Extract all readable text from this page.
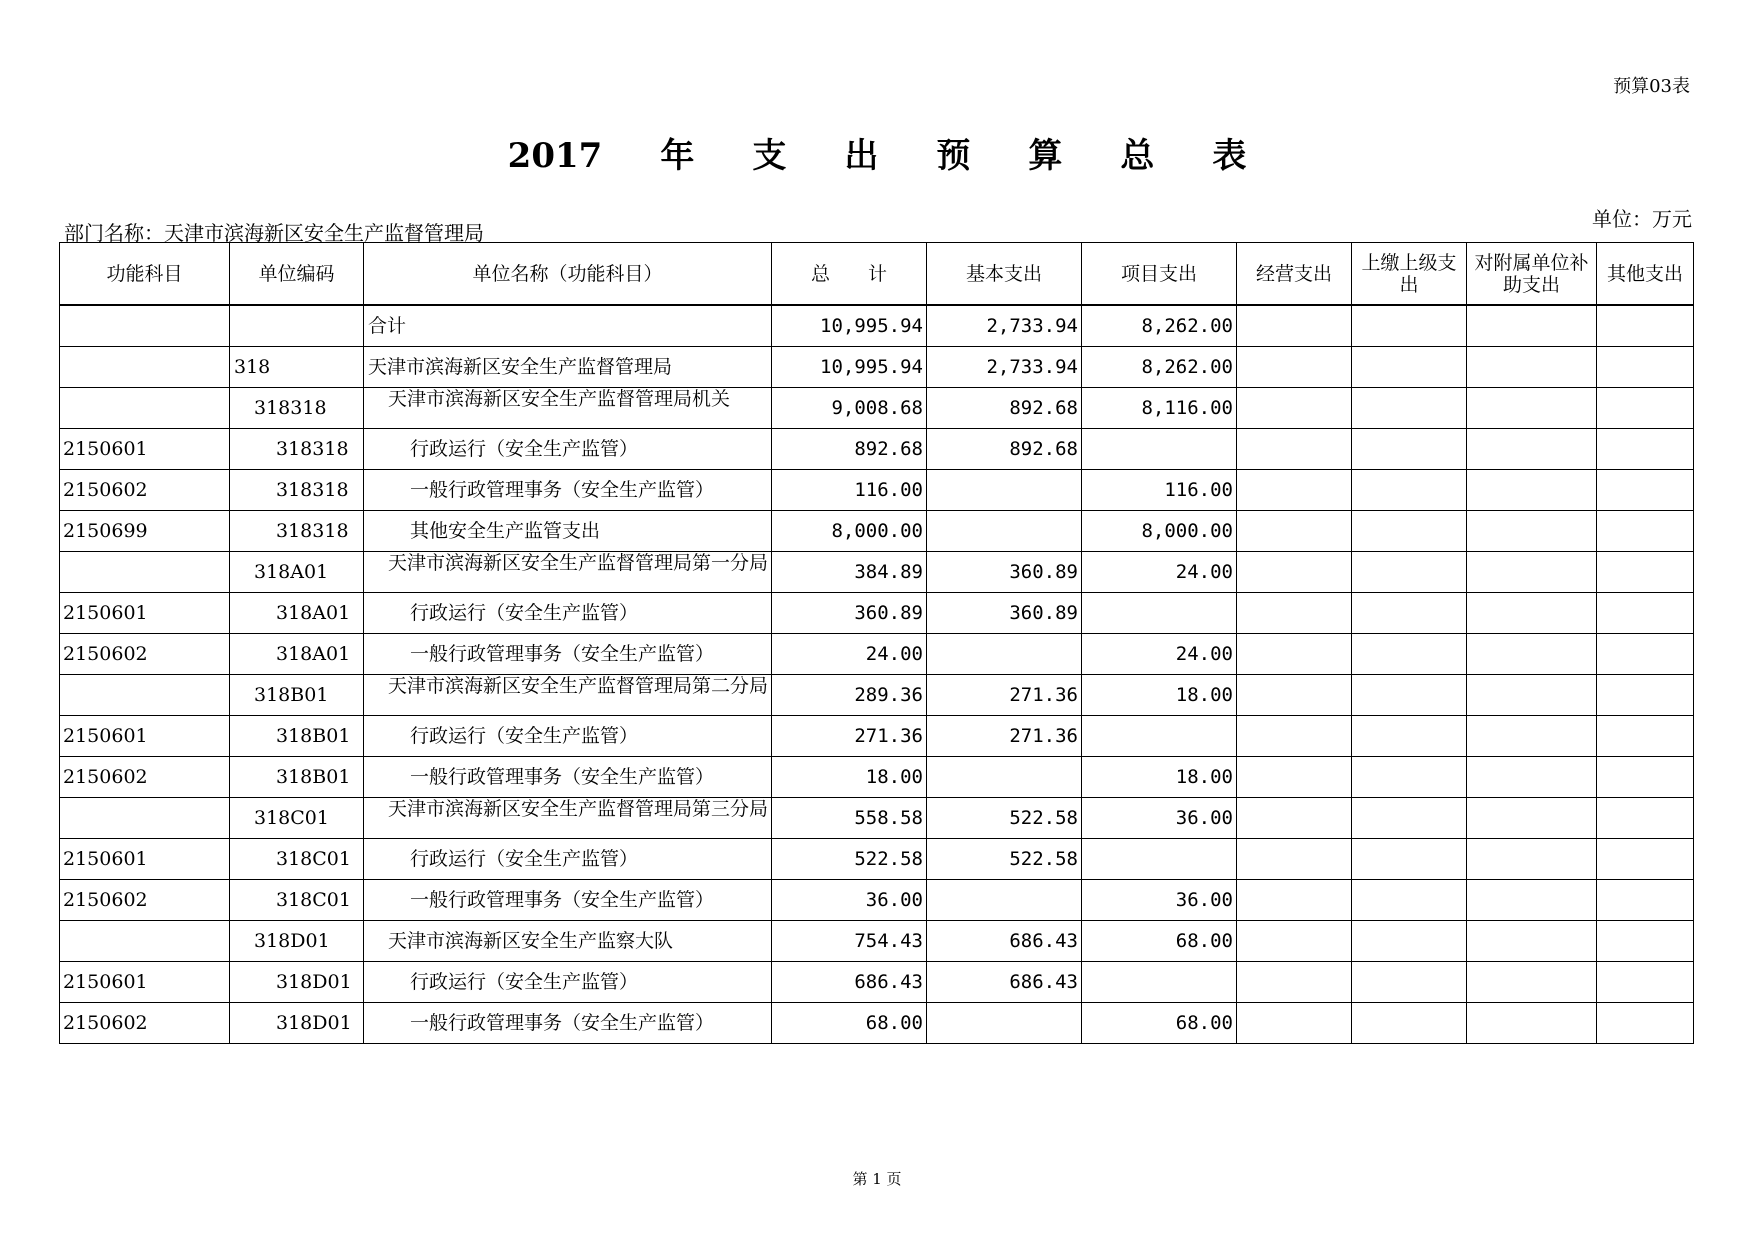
预算03表
2017 年 支 出 预 算 总 表
部门名称：天津市滨海新区安全生产监督管理局
单位：万元
功能科目	单位编码	单位名称（功能科目）	总　　计	基本支出	项目支出	经营支出	上缴上级支出	对附属单位补助支出	其他支出
		合计	10,995.94	2,733.94	8,262.00				
	318	天津市滨海新区安全生产监督管理局	10,995.94	2,733.94	8,262.00				
	318318	天津市滨海新区安全生产监督管理局机关	9,008.68	892.68	8,116.00				
2150601	318318	行政运行（安全生产监管）	892.68	892.68					
2150602	318318	一般行政管理事务（安全生产监管）	116.00		116.00				
2150699	318318	其他安全生产监管支出	8,000.00		8,000.00				
	318A01	天津市滨海新区安全生产监督管理局第一分局	384.89	360.89	24.00				
2150601	318A01	行政运行（安全生产监管）	360.89	360.89					
2150602	318A01	一般行政管理事务（安全生产监管）	24.00		24.00				
	318B01	天津市滨海新区安全生产监督管理局第二分局	289.36	271.36	18.00				
2150601	318B01	行政运行（安全生产监管）	271.36	271.36					
2150602	318B01	一般行政管理事务（安全生产监管）	18.00		18.00				
	318C01	天津市滨海新区安全生产监督管理局第三分局	558.58	522.58	36.00				
2150601	318C01	行政运行（安全生产监管）	522.58	522.58					
2150602	318C01	一般行政管理事务（安全生产监管）	36.00		36.00				
	318D01	天津市滨海新区安全生产监察大队	754.43	686.43	68.00				
2150601	318D01	行政运行（安全生产监管）	686.43	686.43					
2150602	318D01	一般行政管理事务（安全生产监管）	68.00		68.00				
第 1 页
